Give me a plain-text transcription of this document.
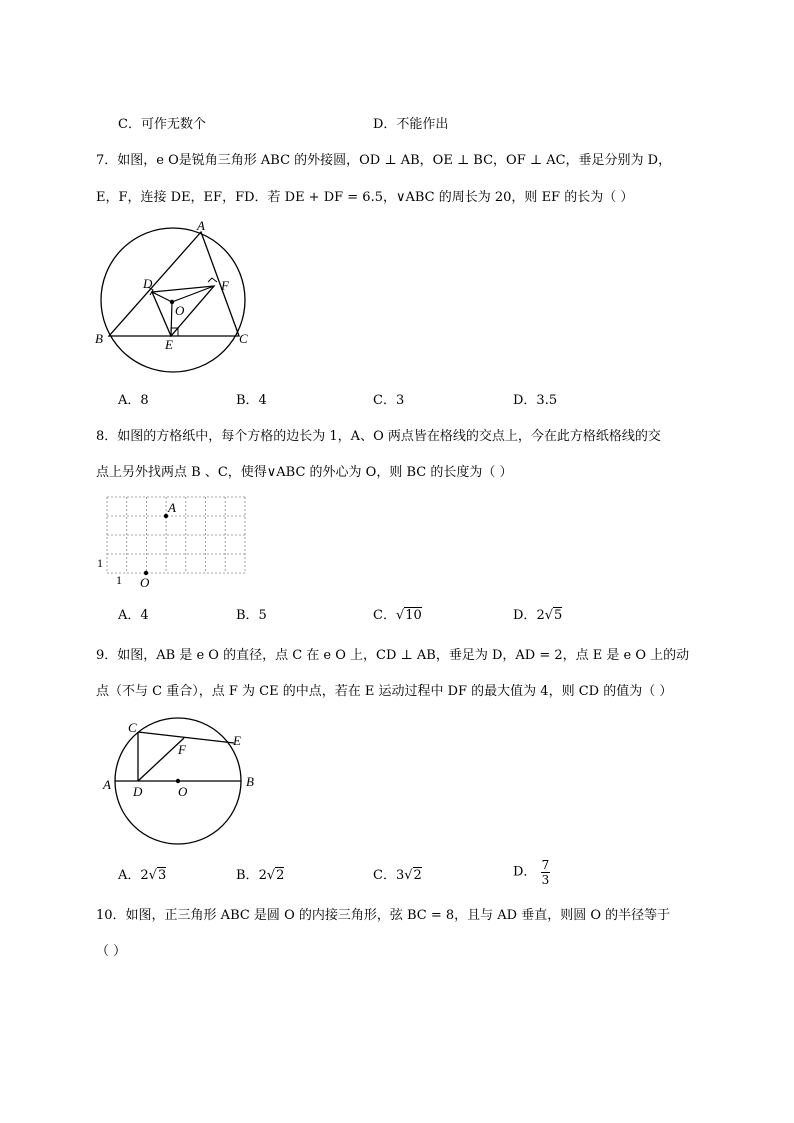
C．可作无数个	D．不能作出
7．如图，e O是锐角三角形 ABC 的外接圆，OD ⊥ AB，OE ⊥ BC，OF ⊥ AC，垂足分别为 D，
E，F，连接 DE，EF，FD．若 DE + DF = 6.5，∨ABC 的周长为 20，则 EF 的长为（ ）
A
B	C
D
E
F
O
A．8	B．4	C．3	D．3.5
8．如图的方格纸中，每个方格的边长为 1，A、O 两点皆在格线的交点上，今在此方格纸格线的交
点上另外找两点 B 、C，使得∨ABC 的外心为 O，则 BC 的长度为（ ）
A
O
1
1
A．4	B．5	C．√10	D．2√5
9．如图，AB 是 e O 的直径，点 C 在 e O 上，CD ⊥ AB，垂足为 D，AD = 2，点 E 是 e O 上的动
点（不与 C 重合），点 F 为 CE 的中点，若在 E 运动过程中 DF 的最大值为 4，则 CD 的值为（ ）
A	B
C
D
E
F
O
A．2√3	B．2√2	C．3√2	D． $\frac{7}{3}$
10．如图，正三角形 ABC 是圆 O 的内接三角形，弦 BC = 8，且与 AD 垂直，则圆 O 的半径等于
（ ）
